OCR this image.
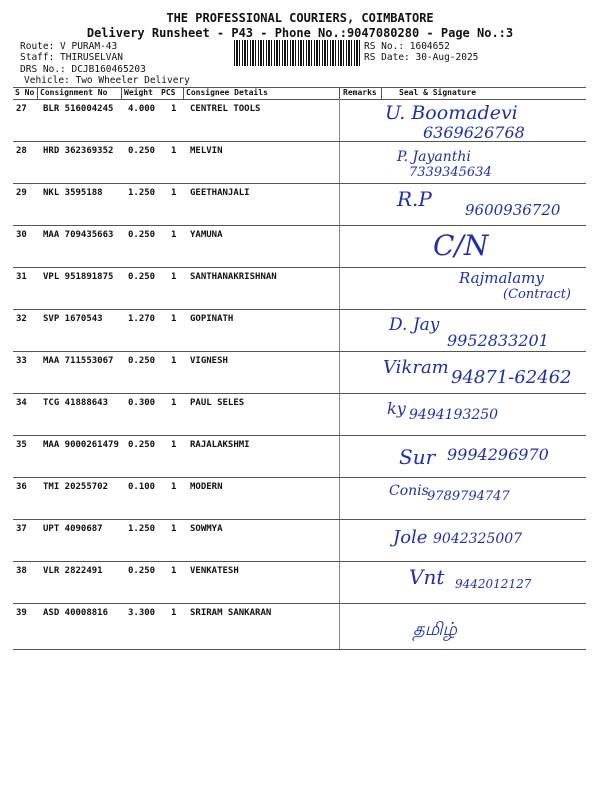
THE PROFESSIONAL COURIERS, COIMBATORE
Delivery Runsheet - P43 - Phone No.:9047080280 - Page No.:3
Route: V PURAM-43
Staff: THIRUSELVAN
DRS No.: DCJB160465203
Vehicle: Two Wheeler Delivery
RS No.: 1604652
RS Date: 30-Aug-2025
S No Consignment No Weight PCS Consignee Details	Remarks	Seal & Signature
27 BLR 516004245 4.000 1 CENTREL TOOLS	U. Boomadevi
6369626768
28 HRD 362369352 0.250 1 MELVIN	P. Jayanthi
7339345634
29 NKL 3595188	1.250 1 GEETHANJALI	R.P 9600936720
30 MAA 709435663 0.250 1 YAMUNA	C/N
31 VPL 951891875 0.250 1 SANTHANAKRISHNAN	Rajmalamy
(Contract)
32 SVP 1670543	1.270 1 GOPINATH	D. Jay
9952833201
33 MAA 711553067 0.250 1 VIGNESH	Vikram 94871-62462
34 TCG 41888643 0.300 1 PAUL SELES	ky 9494193250
35 MAA 9000261479 0.250 1 RAJALAKSHMI	Sur 9994296970
36 TMI 20255702 0.100 1 MODERN	Conis
9789794747
37 UPT 4090687	1.250 1 SOWMYA	Jole 9042325007
38 VLR 2822491	0.250 1 VENKATESH	Vnt 9442012127
39 ASD 40008816 3.300 1 SRIRAM SANKARAN
தமிழ்
